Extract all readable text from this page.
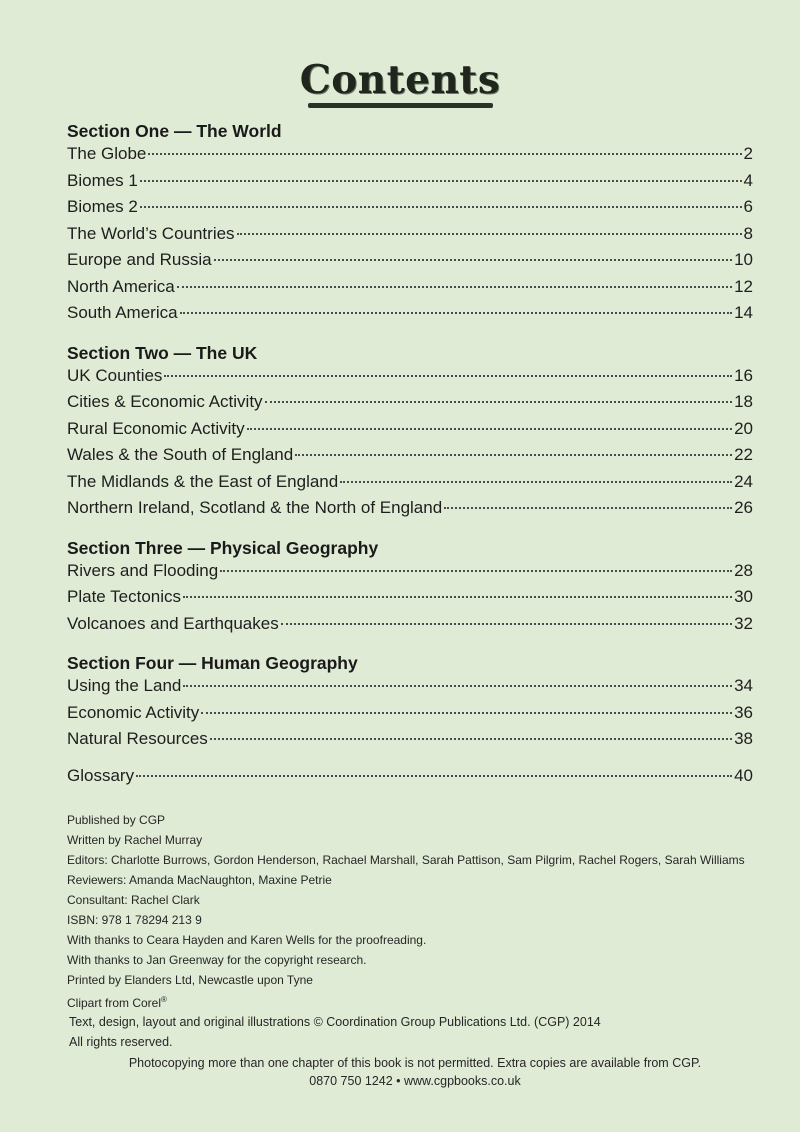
Contents
Section One — The World
The Globe	2
Biomes 1	4
Biomes 2	6
The World’s Countries	8
Europe and Russia	10
North America	12
South America	14
Section Two — The UK
UK Counties	16
Cities & Economic Activity	18
Rural Economic Activity	20
Wales & the South of England	22
The Midlands & the East of England	24
Northern Ireland, Scotland & the North of England	26
Section Three — Physical Geography
Rivers and Flooding	28
Plate Tectonics	30
Volcanoes and Earthquakes	32
Section Four — Human Geography
Using the Land	34
Economic Activity	36
Natural Resources	38
Glossary	40
Published by CGP
Written by Rachel Murray
Editors: Charlotte Burrows, Gordon Henderson, Rachael Marshall, Sarah Pattison, Sam Pilgrim, Rachel Rogers, Sarah Williams
Reviewers: Amanda MacNaughton, Maxine Petrie
Consultant: Rachel Clark
ISBN: 978 1 78294 213 9
With thanks to Ceara Hayden and Karen Wells for the proofreading.
With thanks to Jan Greenway for the copyright research.
Printed by Elanders Ltd, Newcastle upon Tyne
Clipart from Corel®
Text, design, layout and original illustrations © Coordination Group Publications Ltd. (CGP) 2014
All rights reserved.
Photocopying more than one chapter of this book is not permitted. Extra copies are available from CGP.
0870 750 1242 • www.cgpbooks.co.uk
